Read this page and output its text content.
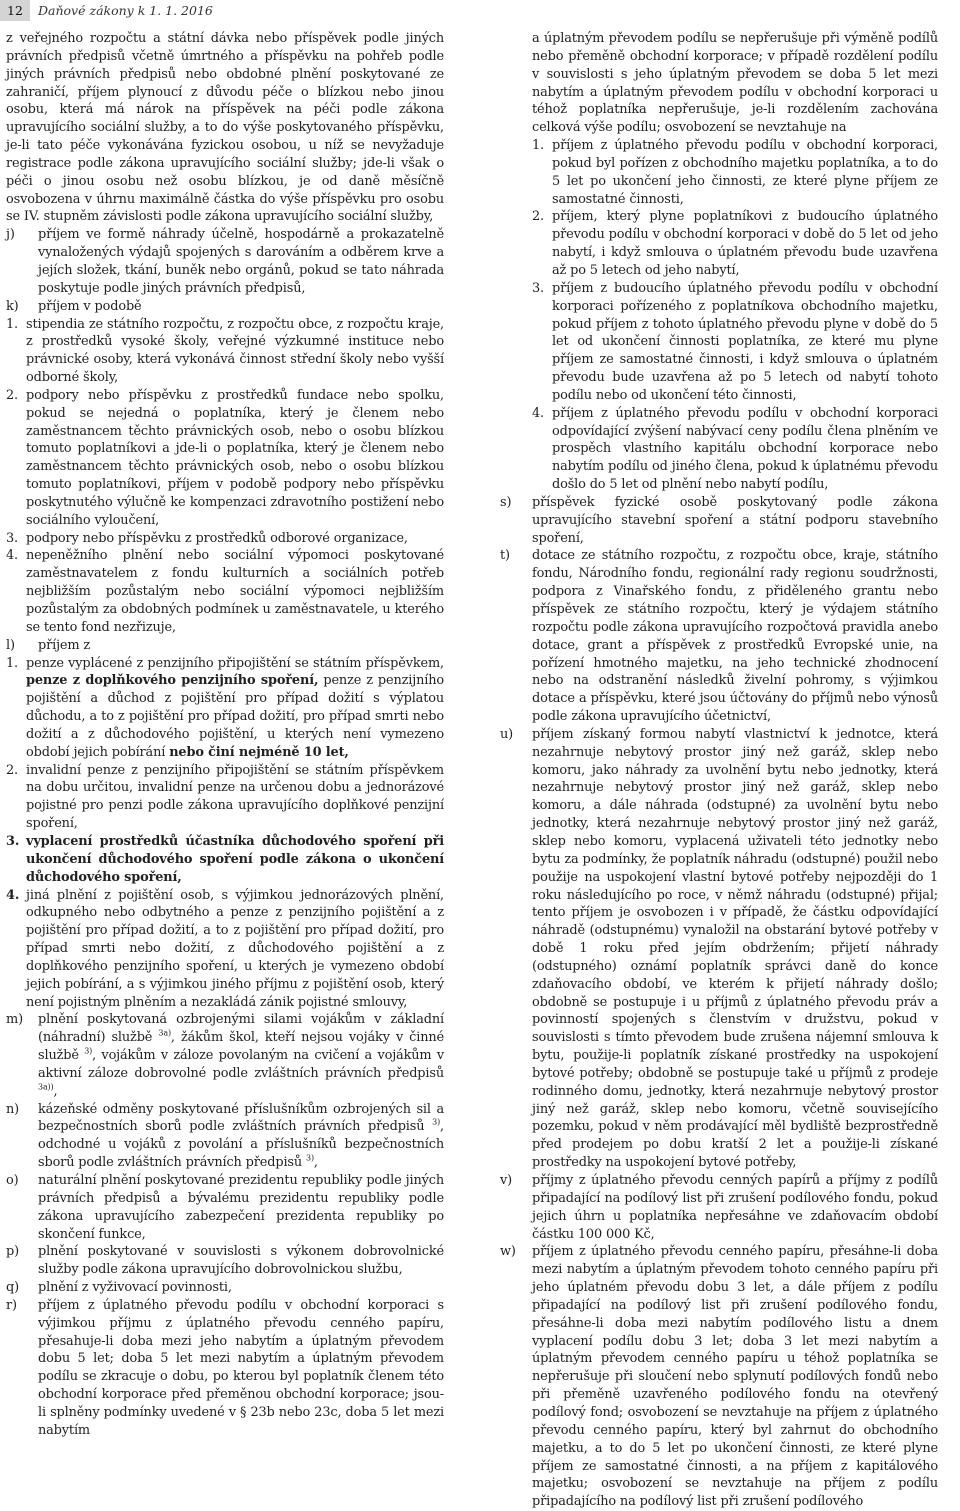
12	Daňové zákony k 1. 1. 2016

z veřejného rozpočtu a státní dávka nebo příspěvek podle jiných právních předpisů včetně úmrtného a příspěvku na pohřeb podle jiných právních předpisů nebo obdobné plnění poskytované ze zahraničí, příjem plynoucí z důvodu péče o blízkou nebo jinou osobu, která má nárok na příspěvek na péči podle zákona upravujícího sociální služby, a to do výše poskytovaného příspěvku, je-li tato péče vykonávána fyzickou osobou, u níž se nevyžaduje registrace podle zákona upravujícího sociální služby; jde-li však o péči o jinou osobu než osobu blízkou, je od daně měsíčně osvobozena v úhrnu maximálně částka do výše příspěvku pro osobu se IV. stupněm závislosti podle zákona upravujícího sociální služby,

j)	příjem ve formě náhrady účelně, hospodárně a prokazatelně vynaložených výdajů spojených s darováním a odběrem krve a jejích složek, tkání, buněk nebo orgánů, pokud se tato náhrada poskytuje podle jiných právních předpisů,

k)	příjem v podobě

1. stipendia ze státního rozpočtu, z rozpočtu obce, z rozpočtu kraje, z prostředků vysoké školy, veřejné výzkumné instituce nebo právnické osoby, která vykonává činnost střední školy nebo vyšší odborné školy,

2. podpory nebo příspěvku z prostředků fundace nebo spolku, pokud se nejedná o poplatníka, který je členem nebo zaměstnancem těchto právnických osob, nebo o osobu blízkou tomuto poplatníkovi a jde-li o poplatníka, který je členem nebo zaměstnancem těchto právnických osob, nebo o osobu blízkou tomuto poplatníkovi, příjem v podobě podpory nebo příspěvku poskytnutého výlučně ke kompenzaci zdravotního postižení nebo sociálního vyloučení,

3. podpory nebo příspěvku z prostředků odborové organizace,

4. nepeněžního plnění nebo sociální výpomoci poskytované zaměstnavatelem z fondu kulturních a sociálních potřeb nejbližším pozůstalým nebo sociální výpomoci nejbližším pozůstalým za obdobných podmínek u zaměstnavatele, u kterého se tento fond nezřizuje,

l)	příjem z

1. penze vyplácené z penzijního připojištění se státním příspěvkem, penze z doplňkového penzijního spoření, penze z penzijního pojištění a důchod z pojištění pro případ dožití s výplatou důchodu, a to z pojištění pro případ dožití, pro případ smrti nebo dožití a z důchodového pojištění, u kterých není vymezeno období jejich pobírání nebo činí nejméně 10 let,

2. invalidní penze z penzijního připojištění se státním příspěvkem na dobu určitou, invalidní penze na určenou dobu a jednorázové pojistné pro penzi podle zákona upravujícího doplňkové penzijní spoření,

3. vyplacení prostředků účastníka důchodového spoření při ukončení důchodového spoření podle zákona o ukončení důchodového spoření,

4. jiná plnění z pojištění osob, s výjimkou jednorázových plnění, odkupného nebo odbytného a penze z penzijního pojištění a z pojištění pro případ dožití, a to z pojištění pro případ dožití, pro případ smrti nebo dožití, z důchodového pojištění a z doplňkového penzijního spoření, u kterých je vymezeno období jejich pobírání, a s výjimkou jiného příjmu z pojištění osob, který není pojistným plněním a nezakládá zánik pojistné smlouvy,

m)	plnění poskytovaná ozbrojenými silami vojákům v základní (náhradní) službě $^{3a)}$, žákům škol, kteří nejsou vojáky v činné službě $^{3)}$, vojákům v záloze povolaným na cvičení a vojákům v aktivní záloze dobrovolné podle zvláštních právních předpisů $^{3a))}$,

n)	kázeňské odměny poskytované příslušníkům ozbrojených sil a bezpečnostních sborů podle zvláštních právních předpisů $^{3)}$, odchodné u vojáků z povolání a příslušníků bezpečnostních sborů podle zvláštních právních předpisů $^{3)}$,

o)	naturální plnění poskytované prezidentu republiky podle jiných právních předpisů a bývalému prezidentu republiky podle zákona upravujícího zabezpečení prezidenta republiky po skončení funkce,

p)	plnění poskytované v souvislosti s výkonem dobrovolnické služby podle zákona upravujícího dobrovolnickou službu,

q)	plnění z vyživovací povinnosti,

r)	příjem z úplatného převodu podílu v obchodní korporaci s výjimkou příjmu z úplatného převodu cenného papíru, přesahuje-li doba mezi jeho nabytím a úplatným převodem dobu 5 let; doba 5 let mezi nabytím a úplatným převodem podílu se zkracuje o dobu, po kterou byl poplatník členem této obchodní korporace před přeměnou obchodní korporace; jsou-li splněny podmínky uvedené v § 23b nebo 23c, doba 5 let mezi nabytím

a úplatným převodem podílu se nepřerušuje při výměně podílů nebo přeměně obchodní korporace; v případě rozdělení podílu v souvislosti s jeho úplatným převodem se doba 5 let mezi nabytím a úplatným převodem podílu v obchodní korporaci u téhož poplatníka nepřerušuje, je-li rozdělením zachována celková výše podílu; osvobození se nevztahuje na

1. příjem z úplatného převodu podílu v obchodní korporaci, pokud byl pořízen z obchodního majetku poplatníka, a to do 5 let po ukončení jeho činnosti, ze které plyne příjem ze samostatné činnosti,

2. příjem, který plyne poplatníkovi z budoucího úplatného převodu podílu v obchodní korporaci v době do 5 let od jeho nabytí, i když smlouva o úplatném převodu bude uzavřena až po 5 letech od jeho nabytí,

3. příjem z budoucího úplatného převodu podílu v obchodní korporaci pořízeného z poplatníkova obchodního majetku, pokud příjem z tohoto úplatného převodu plyne v době do 5 let od ukončení činnosti poplatníka, ze které mu plyne příjem ze samostatné činnosti, i když smlouva o úplatném převodu bude uzavřena až po 5 letech od nabytí tohoto podílu nebo od ukončení této činnosti,

4. příjem z úplatného převodu podílu v obchodní korporaci odpovídající zvýšení nabývací ceny podílu člena plněním ve prospěch vlastního kapitálu obchodní korporace nebo nabytím podílu od jiného člena, pokud k úplatnému převodu došlo do 5 let od plnění nebo nabytí podílu,

s)	příspěvek fyzické osobě poskytovaný podle zákona upravujícího stavební spoření a státní podporu stavebního spoření,

t)	dotace ze státního rozpočtu, z rozpočtu obce, kraje, státního fondu, Národního fondu, regionální rady regionu soudržnosti, podpora z Vinařského fondu, z přiděleného grantu nebo příspěvek ze státního rozpočtu, který je výdajem státního rozpočtu podle zákona upravujícího rozpočtová pravidla anebo dotace, grant a příspěvek z prostředků Evropské unie, na pořízení hmotného majetku, na jeho technické zhodnocení nebo na odstranění následků živelní pohromy, s výjimkou dotace a příspěvku, které jsou účtovány do příjmů nebo výnosů podle zákona upravujícího účetnictví,

u)	příjem získaný formou nabytí vlastnictví k jednotce, která nezahrnuje nebytový prostor jiný než garáž, sklep nebo komoru, jako náhrady za uvolnění bytu nebo jednotky, která nezahrnuje nebytový prostor jiný než garáž, sklep nebo komoru, a dále náhrada (odstupné) za uvolnění bytu nebo jednotky, která nezahrnuje nebytový prostor jiný než garáž, sklep nebo komoru, vyplacená uživateli této jednotky nebo bytu za podmínky, že poplatník náhradu (odstupné) použil nebo použije na uspokojení vlastní bytové potřeby nejpozději do 1 roku následujícího po roce, v němž náhradu (odstupné) přijal; tento příjem je osvobozen i v případě, že částku odpovídající náhradě (odstupnému) vynaložil na obstarání bytové potřeby v době 1 roku před jejím obdržením; přijetí náhrady (odstupného) oznámí poplatník správci daně do konce zdaňovacího období, ve kterém k přijetí náhrady došlo; obdobně se postupuje i u příjmů z úplatného převodu práv a povinností spojených s členstvím v družstvu, pokud v souvislosti s tímto převodem bude zrušena nájemní smlouva k bytu, použije-li poplatník získané prostředky na uspokojení bytové potřeby; obdobně se postupuje také u příjmů z prodeje rodinného domu, jednotky, která nezahrnuje nebytový prostor jiný než garáž, sklep nebo komoru, včetně souvisejícího pozemku, pokud v něm prodávající měl bydliště bezprostředně před prodejem po dobu kratší 2 let a použije-li získané prostředky na uspokojení bytové potřeby,

v)	příjmy z úplatného převodu cenných papírů a příjmy z podílů připadající na podílový list při zrušení podílového fondu, pokud jejich úhrn u poplatníka nepřesáhne ve zdaňovacím období částku 100 000 Kč,

w)	příjem z úplatného převodu cenného papíru, přesáhne-li doba mezi nabytím a úplatným převodem tohoto cenného papíru při jeho úplatném převodu dobu 3 let, a dále příjem z podílu připadající na podílový list při zrušení podílového fondu, přesáhne-li doba mezi nabytím podílového listu a dnem vyplacení podílu dobu 3 let; doba 3 let mezi nabytím a úplatným převodem cenného papíru u téhož poplatníka se nepřerušuje při sloučení nebo splynutí podílových fondů nebo při přeměně uzavřeného podílového fondu na otevřený podílový fond; osvobození se nevztahuje na příjem z úplatného převodu cenného papíru, který byl zahrnut do obchodního majetku, a to do 5 let po ukončení činnosti, ze které plyne příjem ze samostatné činnosti, a na příjem z kapitálového majetku; osvobození se nevztahuje na příjem z podílu připadajícího na podílový list při zrušení podílového
